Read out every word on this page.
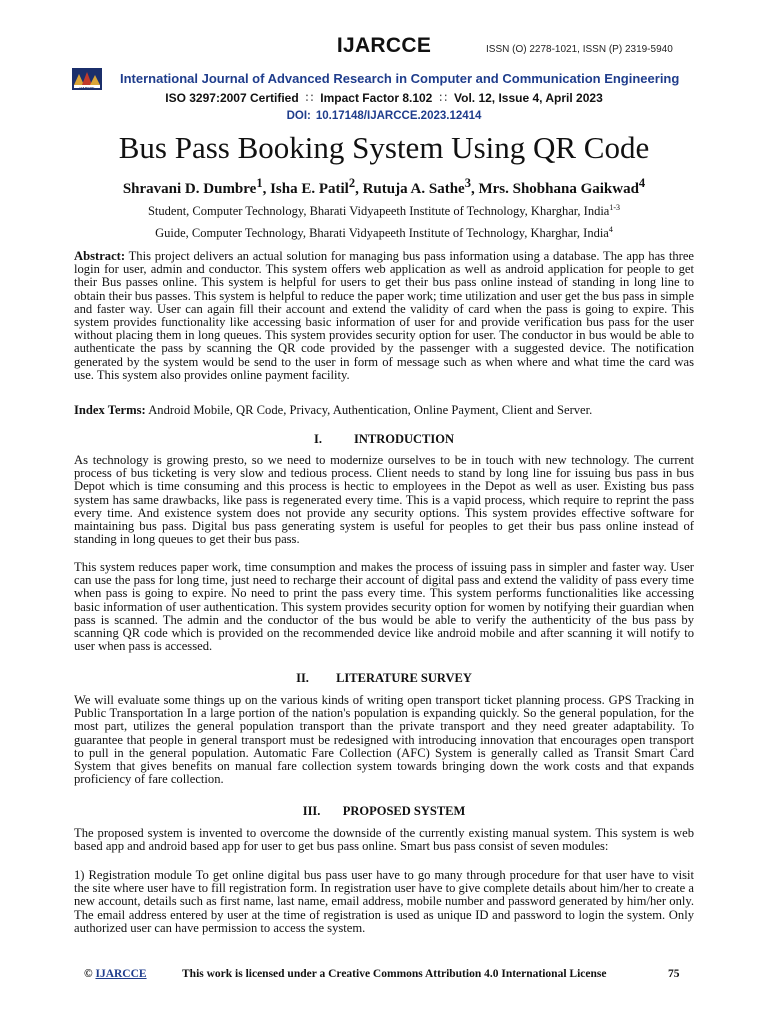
IJARCCE	ISSN (O) 2278-1021, ISSN (P) 2319-5940
IJARCCE
International Journal of Advanced Research in Computer and Communication Engineering
ISO 3297:2007 Certified ∷ Impact Factor 8.102 ∷ Vol. 12, Issue 4, April 2023
DOI: 10.17148/IJARCCE.2023.12414
Bus Pass Booking System Using QR Code
Shravani D. Dumbre$^1$, Isha E. Patil$^2$, Rutuja A. Sathe$^3$, Mrs. Shobhana Gaikwad$^4$
Student, Computer Technology, Bharati Vidyapeeth Institute of Technology, Kharghar, India$^{1-3}$
Guide, Computer Technology, Bharati Vidyapeeth Institute of Technology, Kharghar, India$^4$
Abstract: This project delivers an actual solution for managing bus pass information using a database. The app has three login for user, admin and conductor. This system offers web application as well as android application for people to get their Bus passes online. This system is helpful for users to get their bus pass online instead of standing in long line to obtain their bus passes. This system is helpful to reduce the paper work; time utilization and user get the bus pass in simple and faster way. User can again fill their account and extend the validity of card when the pass is going to expire. This system provides functionality like accessing basic information of user for and provide verification bus pass for the user without placing them in long queues. This system provides security option for user. The conductor in bus would be able to authenticate the pass by scanning the QR code provided by the passenger with a suggested device. The notification generated by the system would be send to the user in form of message such as when where and what time the card was use. This system also provides online payment facility.
Index Terms: Android Mobile, QR Code, Privacy, Authentication, Online Payment, Client and Server.
I.	INTRODUCTION
As technology is growing presto, so we need to modernize ourselves to be in touch with new technology. The current process of bus ticketing is very slow and tedious process. Client needs to stand by long line for issuing bus pass in bus Depot which is time consuming and this process is hectic to employees in the Depot as well as user. Existing bus pass system has same drawbacks, like pass is regenerated every time. This is a vapid process, which require to reprint the pass every time. And existence system does not provide any security options. This system provides effective software for maintaining bus pass. Digital bus pass generating system is useful for peoples to get their bus pass online instead of standing in long queues to get their bus pass.
This system reduces paper work, time consumption and makes the process of issuing pass in simpler and faster way. User can use the pass for long time, just need to recharge their account of digital pass and extend the validity of pass every time when pass is going to expire. No need to print the pass every time. This system performs functionalities like accessing basic information of user authentication. This system provides security option for women by notifying their guardian when pass is scanned. The admin and the conductor of the bus would be able to verify the authenticity of the bus pass by scanning QR code which is provided on the recommended device like android mobile and after scanning it will notify to user when pass is accessed.
II. LITERATURE SURVEY
We will evaluate some things up on the various kinds of writing open transport ticket planning process. GPS Tracking in Public Transportation In a large portion of the nation's population is expanding quickly. So the general population, for the most part, utilizes the general population transport than the private transport and they need greater adaptability. To guarantee that people in general transport must be redesigned with introducing innovation that encourages open transport to pull in the general population. Automatic Fare Collection (AFC) System is generally called as Transit Smart Card System that gives benefits on manual fare collection system towards bringing down the work costs and that expands proficiency of fare collection.
III. PROPOSED SYSTEM
The proposed system is invented to overcome the downside of the currently existing manual system. This system is web based app and android based app for user to get bus pass online. Smart bus pass consist of seven modules:
1) Registration module To get online digital bus pass user have to go many through procedure for that user have to visit the site where user have to fill registration form. In registration user have to give complete details about him/her to create a new account, details such as first name, last name, email address, mobile number and password generated by him/her only. The email address entered by user at the time of registration is used as unique ID and password to login the system. Only authorized user can have permission to access the system.
© IJARCCE	This work is licensed under a Creative Commons Attribution 4.0 International License	75
